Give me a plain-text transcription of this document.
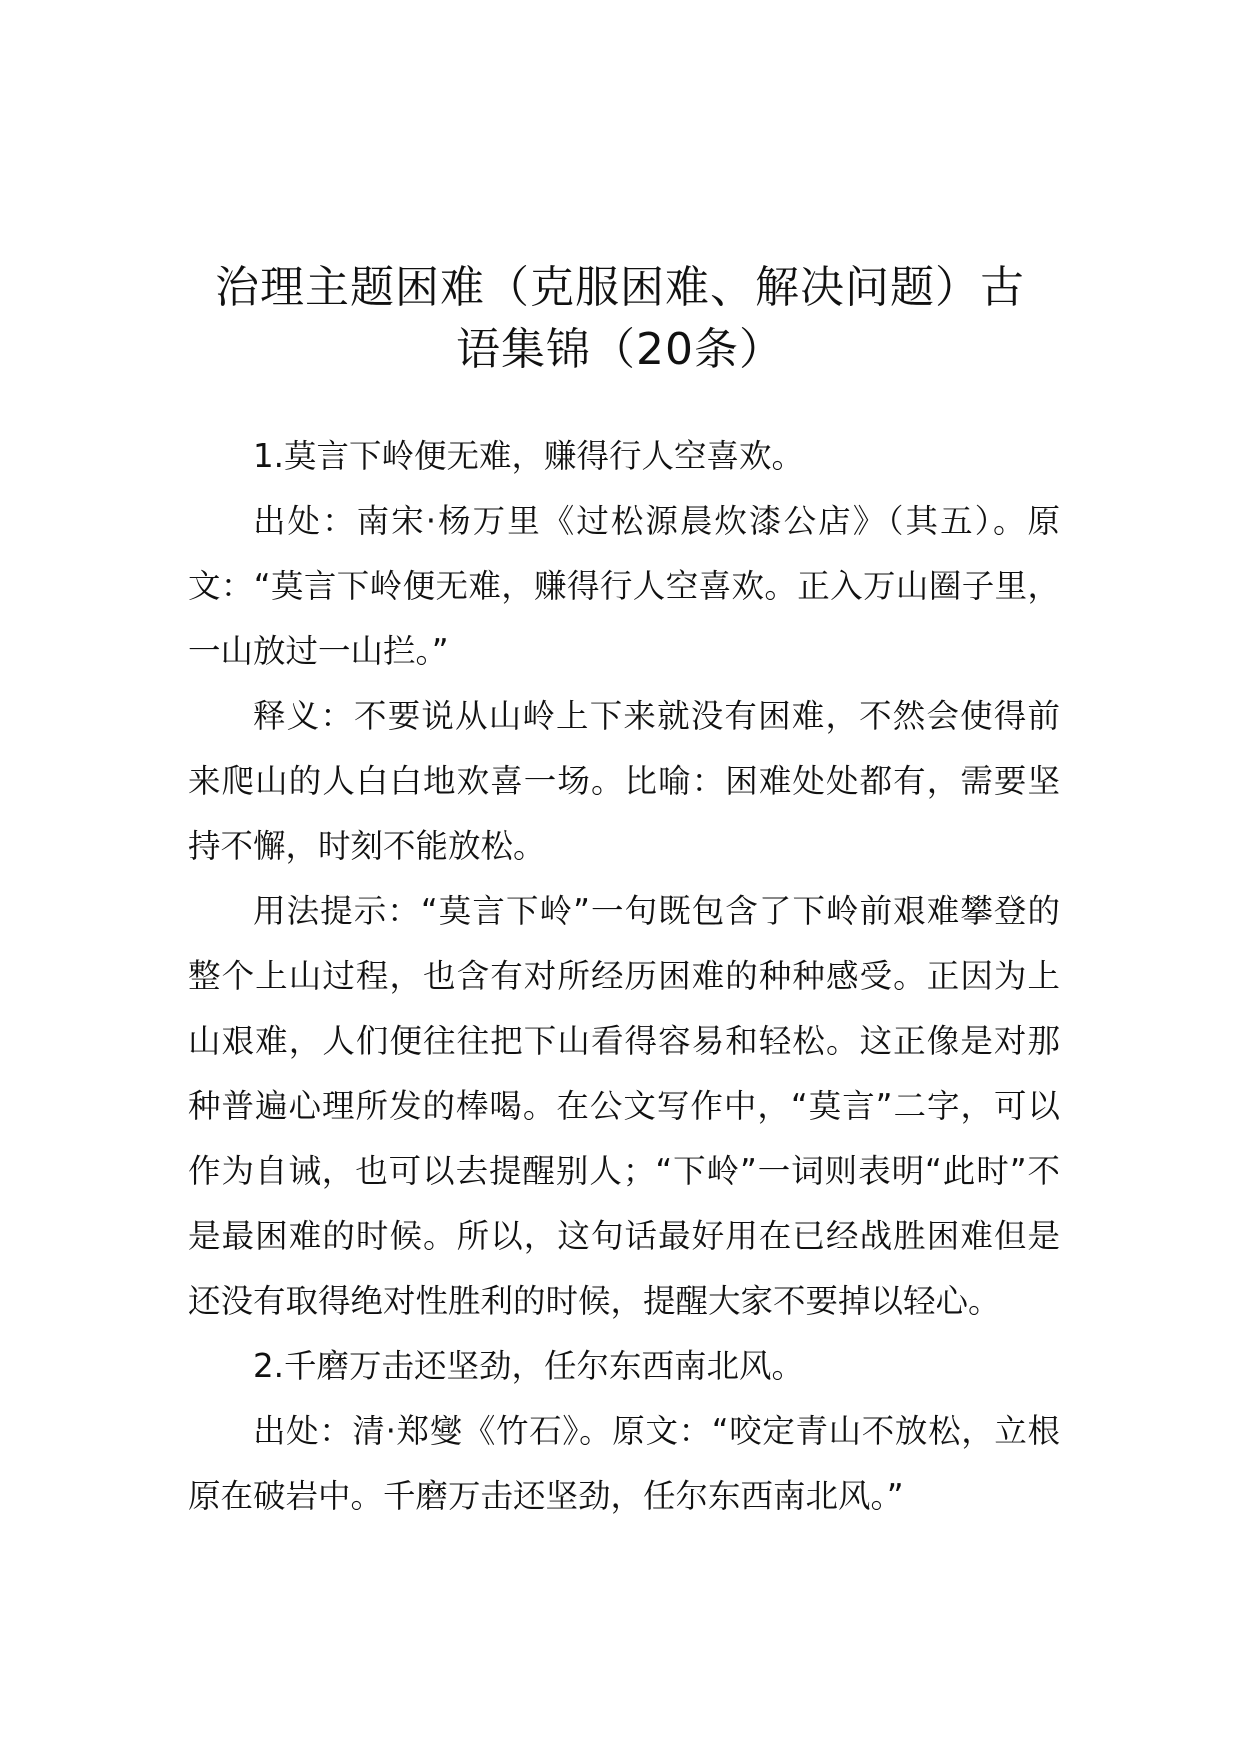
治理主题困难（克服困难、解决问题）古
语集锦（20条）

1.莫言下岭便无难，赚得行人空喜欢。

出处：南宋·杨万里《过松源晨炊漆公店》（其五）。原文：“莫言下岭便无难，赚得行人空喜欢。正入万山圈子里，一山放过一山拦。”

释义：不要说从山岭上下来就没有困难，不然会使得前来爬山的人白白地欢喜一场。比喻：困难处处都有，需要坚持不懈，时刻不能放松。

用法提示：“莫言下岭”一句既包含了下岭前艰难攀登的整个上山过程，也含有对所经历困难的种种感受。正因为上山艰难，人们便往往把下山看得容易和轻松。这正像是对那种普遍心理所发的棒喝。在公文写作中，“莫言”二字，可以作为自诫，也可以去提醒别人；“下岭”一词则表明“此时”不是最困难的时候。所以，这句话最好用在已经战胜困难但是还没有取得绝对性胜利的时候，提醒大家不要掉以轻心。

2.千磨万击还坚劲，任尔东西南北风。

出处：清·郑燮《竹石》。原文：“咬定青山不放松，立根原在破岩中。千磨万击还坚劲，任尔东西南北风。”
